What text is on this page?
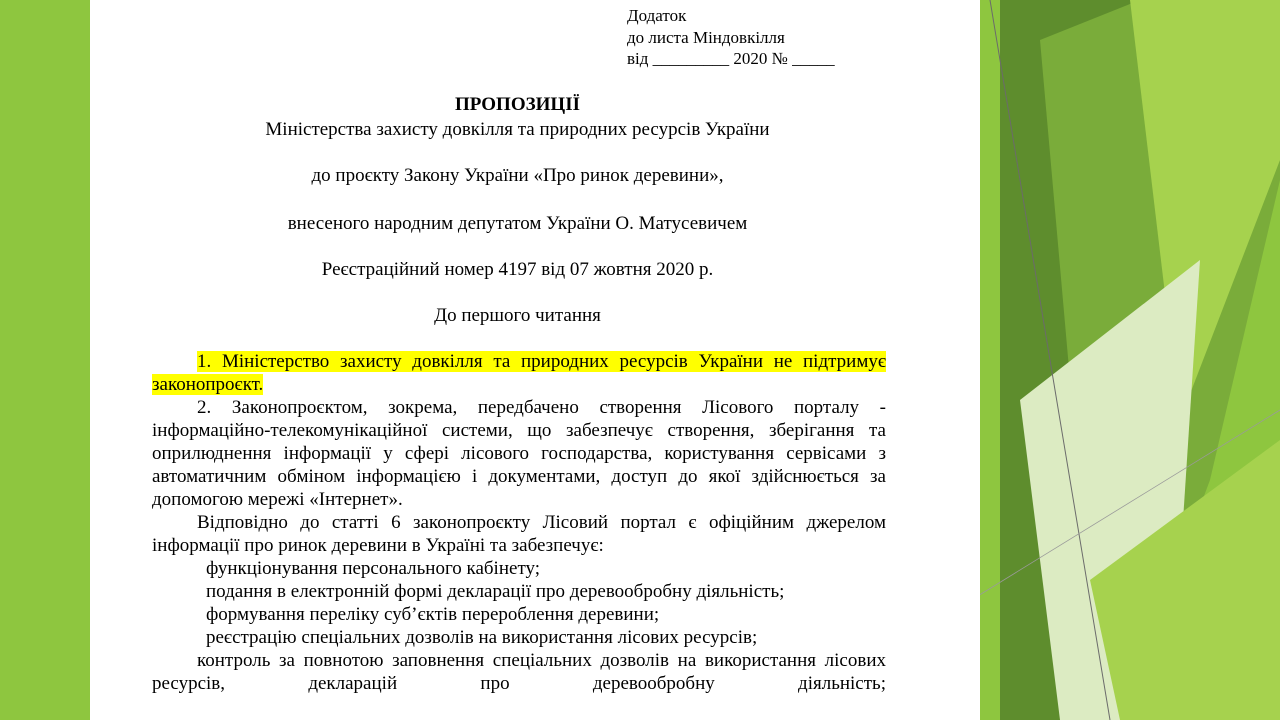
Додаток

до листа Міндовкілля

від _________ 2020 № _____

ПРОПОЗИЦІЇ

Міністерства захисту довкілля та природних ресурсів України

до проєкту Закону України «Про ринок деревини»,

внесеного народним депутатом України О. Матусевичем

Реєстраційний номер 4197 від 07 жовтня 2020 р.

До першого читання

1. Міністерство захисту довкілля та природних ресурсів України не підтримує законопроєкт.

2. Законопроєктом, зокрема, передбачено створення Лісового порталу - інформаційно-телекомунікаційної системи, що забезпечує створення, зберігання та оприлюднення інформації у сфері лісового господарства, користування сервісами з автоматичним обміном інформацією і документами, доступ до якої здійснюється за допомогою мережі «Інтернет».

Відповідно до статті 6 законопроєкту Лісовий портал є офіційним джерелом інформації про ринок деревини в Україні та забезпечує:

функціонування персонального кабінету;

подання в електронній формі декларації про деревообробну діяльність;

формування переліку суб’єктів перероблення деревини;

реєстрацію спеціальних дозволів на використання лісових ресурсів;

контроль за повнотою заповнення спеціальних дозволів на використання лісових ресурсів, декларацій про деревообробну діяльність;
